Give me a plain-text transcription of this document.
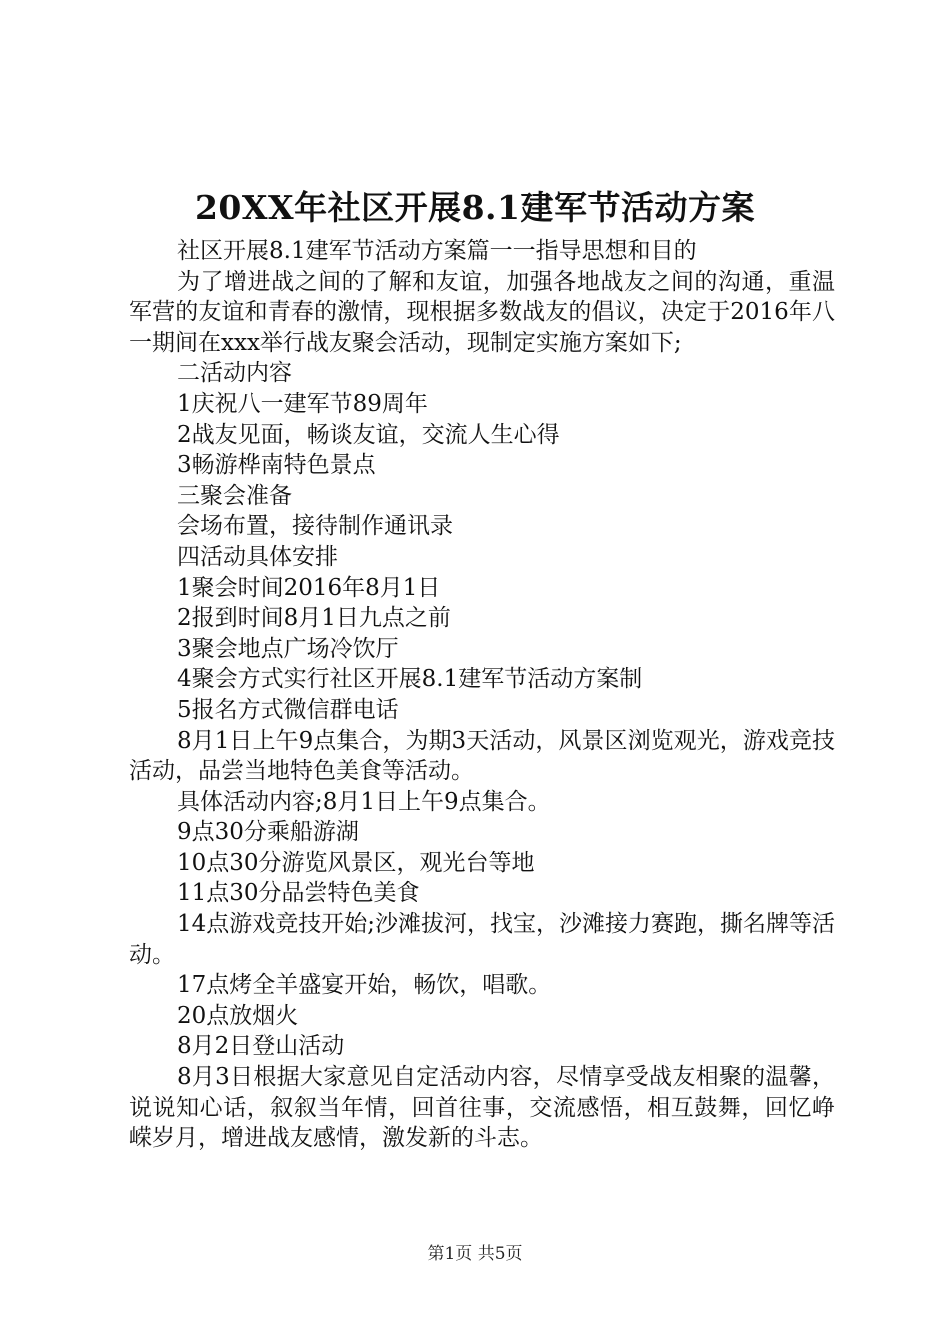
20XX年社区开展8.1建军节活动方案
社区开展8.1建军节活动方案篇一一指导思想和目的
为了增进战之间的了解和友谊，加强各地战友之间的沟通，重温军营的友谊和青春的激情，现根据多数战友的倡议，决定于2016年八一期间在xxx举行战友聚会活动，现制定实施方案如下;
二活动内容
1庆祝八一建军节89周年
2战友见面，畅谈友谊，交流人生心得
3畅游桦南特色景点
三聚会准备
会场布置，接待制作通讯录
四活动具体安排
1聚会时间2016年8月1日
2报到时间8月1日九点之前
3聚会地点广场冷饮厅
4聚会方式实行社区开展8.1建军节活动方案制
5报名方式微信群电话
8月1日上午9点集合，为期3天活动，风景区浏览观光，游戏竞技活动，品尝当地特色美食等活动。
具体活动内容;8月1日上午9点集合。
9点30分乘船游湖
10点30分游览风景区，观光台等地
11点30分品尝特色美食
14点游戏竞技开始;沙滩拔河，找宝，沙滩接力赛跑，撕名牌等活动。
17点烤全羊盛宴开始，畅饮，唱歌。
20点放烟火
8月2日登山活动
8月3日根据大家意见自定活动内容，尽情享受战友相聚的温馨，说说知心话，叙叙当年情，回首往事，交流感悟，相互鼓舞，回忆峥嵘岁月，增进战友感情，激发新的斗志。
第1页 共5页
